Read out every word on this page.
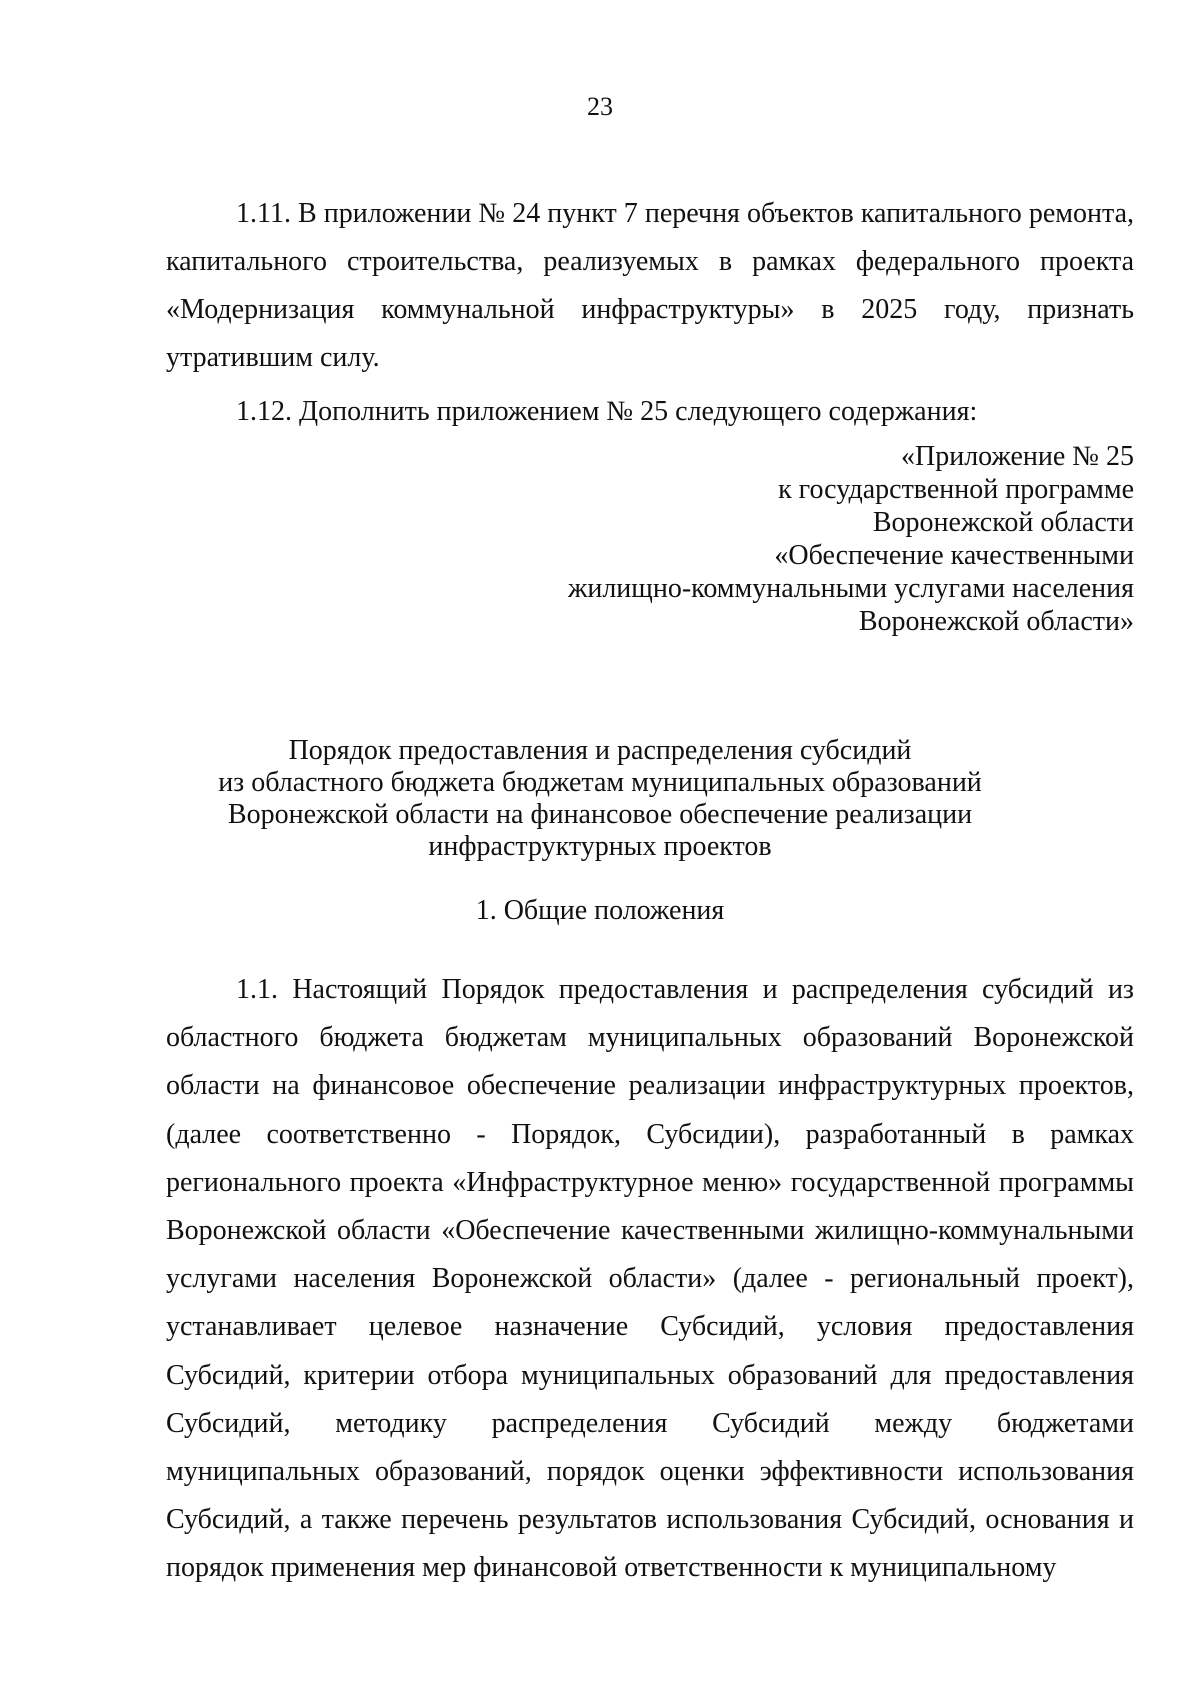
23

1.11. В приложении № 24 пункт 7 перечня объектов капитального ремонта, капитального строительства, реализуемых в рамках федерального проекта «Модернизация коммунальной инфраструктуры» в 2025 году, признать утратившим силу.

1.12. Дополнить приложением № 25 следующего содержания:

«Приложение № 25
к государственной программе
Воронежской области
«Обеспечение качественными
жилищно-коммунальными услугами населения
Воронежской области»
Порядок предоставления и распределения субсидий
из областного бюджета бюджетам муниципальных образований
Воронежской области на финансовое обеспечение реализации
инфраструктурных проектов
1. Общие положения

1.1. Настоящий Порядок предоставления и распределения субсидий из областного бюджета бюджетам муниципальных образований Воронежской области на финансовое обеспечение реализации инфраструктурных проектов, (далее соответственно - Порядок, Субсидии), разработанный в рамках регионального проекта «Инфраструктурное меню» государственной программы Воронежской области «Обеспечение качественными жилищно-коммунальными услугами населения Воронежской области» (далее - региональный проект), устанавливает целевое назначение Субсидий, условия предоставления Субсидий, критерии отбора муниципальных образований для предоставления Субсидий, методику распределения Субсидий между бюджетами муниципальных образований, порядок оценки эффективности использования Субсидий, а также перечень результатов использования Субсидий, основания и порядок применения мер финансовой ответственности к муниципальному
